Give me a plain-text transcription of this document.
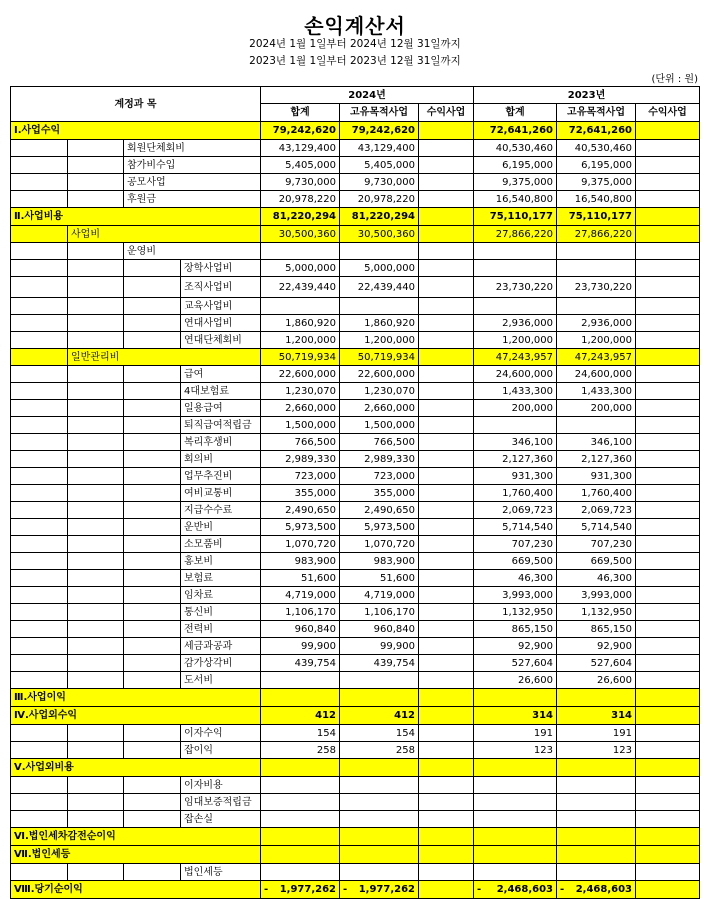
손익계산서
2024년 1월 1일부터 2024년 12월 31일까지
2023년 1월 1일부터 2023년 12월 31일까지
(단위 : 원)
계정과 목				2024년			2023년		
				합계	고유목적사업	수익사업	합계	고유목적사업	수익사업
Ⅰ.사업수익				79,242,620	79,242,620		72,641,260	72,641,260	
		회원단체회비		43,129,400	43,129,400		40,530,460	40,530,460	
		참가비수입		5,405,000	5,405,000		6,195,000	6,195,000	
		공모사업		9,730,000	9,730,000		9,375,000	9,375,000	
		후원금		20,978,220	20,978,220		16,540,800	16,540,800	
Ⅱ.사업비용				81,220,294	81,220,294		75,110,177	75,110,177	
	사업비			30,500,360	30,500,360		27,866,220	27,866,220	
		운영비							
			장학사업비	5,000,000	5,000,000				
			조직사업비	22,439,440	22,439,440		23,730,220	23,730,220	
			교육사업비						
			연대사업비	1,860,920	1,860,920		2,936,000	2,936,000	
			연대단체회비	1,200,000	1,200,000		1,200,000	1,200,000	
	일반관리비			50,719,934	50,719,934		47,243,957	47,243,957	
			급여	22,600,000	22,600,000		24,600,000	24,600,000	
			4대보험료	1,230,070	1,230,070		1,433,300	1,433,300	
			일용급여	2,660,000	2,660,000		200,000	200,000	
			퇴직급여적립금	1,500,000	1,500,000				
			복리후생비	766,500	766,500		346,100	346,100	
			회의비	2,989,330	2,989,330		2,127,360	2,127,360	
			업무추진비	723,000	723,000		931,300	931,300	
			여비교통비	355,000	355,000		1,760,400	1,760,400	
			지급수수료	2,490,650	2,490,650		2,069,723	2,069,723	
			운반비	5,973,500	5,973,500		5,714,540	5,714,540	
			소모품비	1,070,720	1,070,720		707,230	707,230	
			홍보비	983,900	983,900		669,500	669,500	
			보험료	51,600	51,600		46,300	46,300	
			임차료	4,719,000	4,719,000		3,993,000	3,993,000	
			통신비	1,106,170	1,106,170		1,132,950	1,132,950	
			전력비	960,840	960,840		865,150	865,150	
			세금과공과	99,900	99,900		92,900	92,900	
			감가상각비	439,754	439,754		527,604	527,604	
			도서비				26,600	26,600	
Ⅲ.사업이익									
Ⅳ.사업외수익				412	412		314	314	
			이자수익	154	154		191	191	
			잡이익	258	258		123	123	
Ⅴ.사업외비용									
			이자비용						
			임대보증적립금						
			잡손실						
Ⅵ.법인세차감전순이익									
Ⅶ.법인세등									
			법인세등						
Ⅷ.당기순이익				- 1,977,262	- 1,977,262		- 2,468,603	- 2,468,603	
